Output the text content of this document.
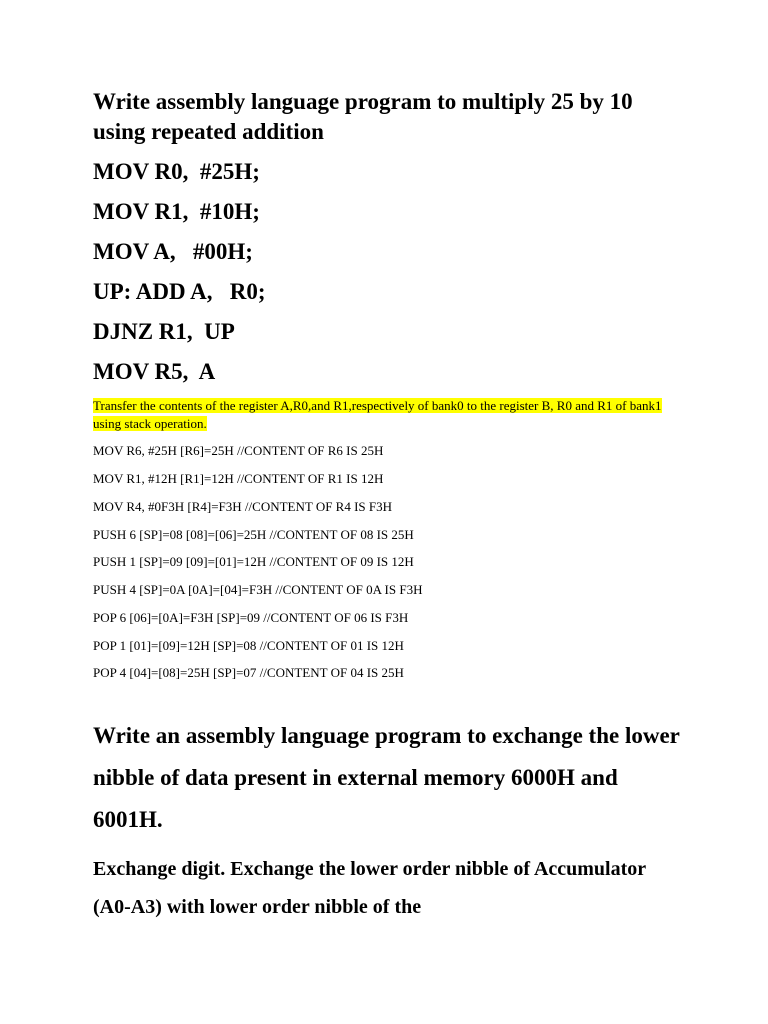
Write assembly language program to multiply 25 by 10 using repeated addition
MOV R0,  #25H;
MOV R1,  #10H;
MOV A,   #00H;
UP: ADD A,   R0;
DJNZ R1,  UP
MOV R5,  A
Transfer the contents of the register A,R0,and R1,respectively of bank0 to the register B, R0 and R1 of bank1 using stack operation.
MOV R6, #25H [R6]=25H //CONTENT OF R6 IS 25H
MOV R1, #12H [R1]=12H //CONTENT OF R1 IS 12H
MOV R4, #0F3H [R4]=F3H //CONTENT OF R4 IS F3H
PUSH 6 [SP]=08 [08]=[06]=25H //CONTENT OF 08 IS 25H
PUSH 1 [SP]=09 [09]=[01]=12H //CONTENT OF 09 IS 12H
PUSH 4 [SP]=0A [0A]=[04]=F3H //CONTENT OF 0A IS F3H
POP 6 [06]=[0A]=F3H [SP]=09 //CONTENT OF 06 IS F3H
POP 1 [01]=[09]=12H [SP]=08 //CONTENT OF 01 IS 12H
POP 4 [04]=[08]=25H [SP]=07 //CONTENT OF 04 IS 25H
Write an assembly language program to exchange the lower nibble of data present in external memory 6000H and 6001H.
Exchange digit. Exchange the lower order nibble of Accumulator (A0-A3) with lower order nibble of the
